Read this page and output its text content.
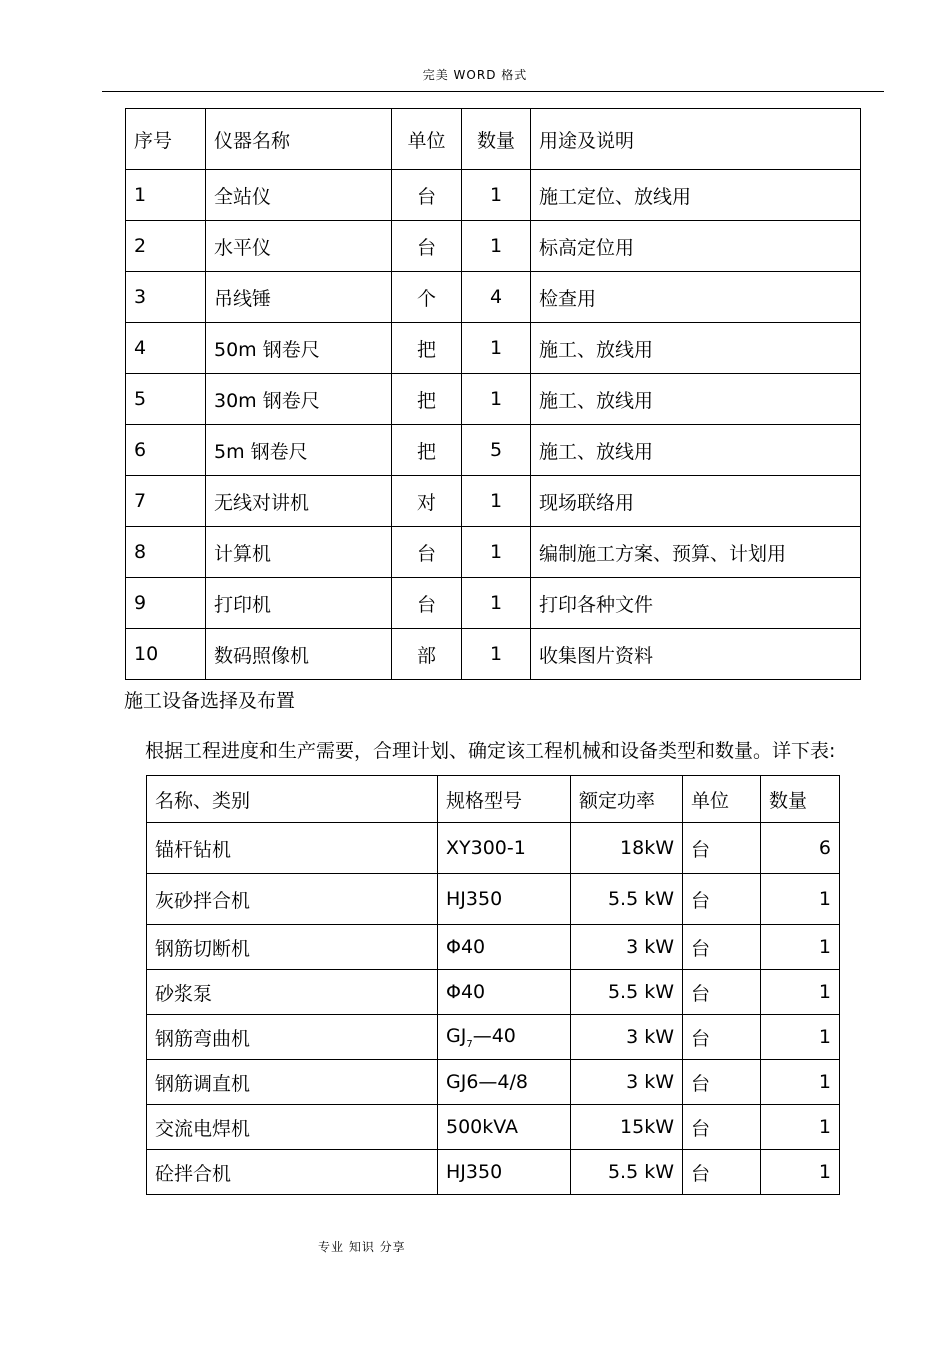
完美 WORD 格式
序号	仪器名称	单位	数量	用途及说明
1	全站仪	台	1	施工定位、放线用
2	水平仪	台	1	标高定位用
3	吊线锤	个	4	检查用
4	50m 钢卷尺	把	1	施工、放线用
5	30m 钢卷尺	把	1	施工、放线用
6	5m 钢卷尺	把	5	施工、放线用
7	无线对讲机	对	1	现场联络用
8	计算机	台	1	编制施工方案、预算、计划用
9	打印机	台	1	打印各种文件
10	数码照像机	部	1	收集图片资料
施工设备选择及布置
根据工程进度和生产需要，合理计划、确定该工程机械和设备类型和数量。详下表:
名称、类别	规格型号	额定功率	单位	数量
锚杆钻机	XY300-1	18kW	台	6
灰砂拌合机	HJ350	5.5 kW	台	1
钢筋切断机	Φ40	3 kW	台	1
砂浆泵	Φ40	5.5 kW	台	1
钢筋弯曲机	$GJ_7—40$	3 kW	台	1
钢筋调直机	GJ6—4/8	3 kW	台	1
交流电焊机	500kVA	15kW	台	1
砼拌合机	HJ350	5.5 kW	台	1
专业 知识 分享
